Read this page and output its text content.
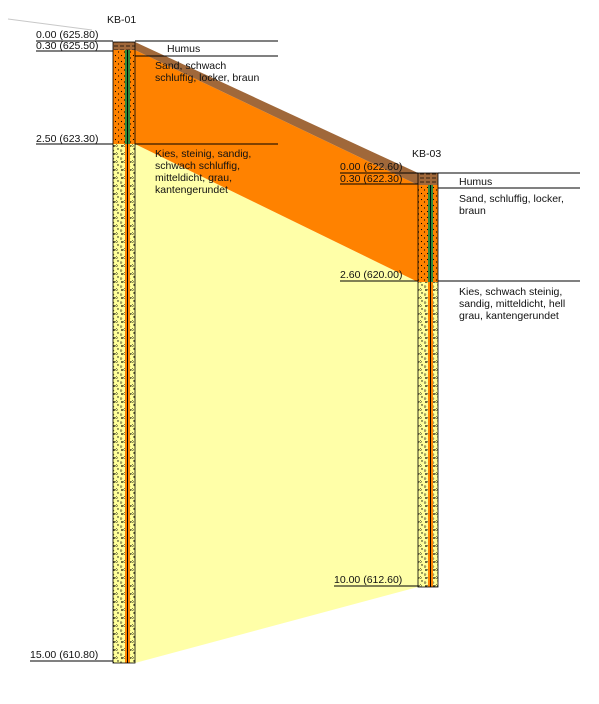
KB-01
0.00 (625.80)
0.30 (625.50)
2.50 (623.30)
15.00 (610.80)
Humus
Sand, schwach schluffig, locker, braun
Kies, steinig, sandig, schwach schluffig, mitteldicht, grau, kantengerundet
KB-03
0.00 (622.60)
0.30 (622.30)
2.60 (620.00)
10.00 (612.60)
Humus
Sand, schluffig, locker, braun
Kies, schwach steinig, sandig, mitteldicht, hell grau, kantengerundet
